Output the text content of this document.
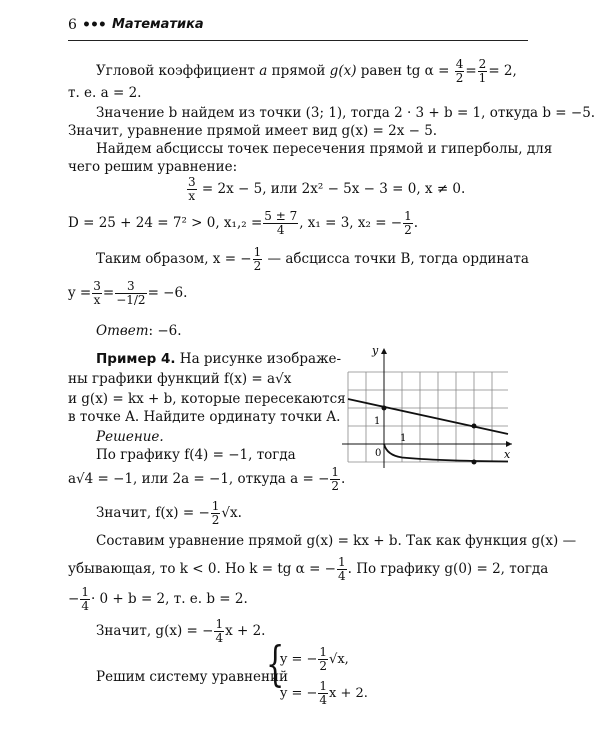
6 ••• Математика
Угловой коэффициент a прямой g(x) равен tg $\alpha = \frac{4}{2} = \frac{2}{1} = 2$,
т. е. a = 2.
Значение b найдем из точки (3; 1), тогда 2 · 3 + b = 1, откуда b = −5.
Значит, уравнение прямой имеет вид g(x) = 2x − 5.
Найдем абсциссы точек пересечения прямой и гиперболы, для
чего решим уравнение:
$\frac{3}{x} = 2x - 5$, или 2x² − 5x − 3 = 0, x ≠ 0.
D = 25 + 24 = 7² > 0, $x_1,_2 = \frac{5 \pm 7}{4}$ , x₁ = 3, x₂ = − $\frac{1}{2}$ .
Таким образом, x = − $\frac{1}{2}$ — абсцисса точки B, тогда ордината
$y = \frac{3}{x} = \frac{3}{-1/2} = -6$.
Ответ: −6.
Пример 4. На рисунке изображе-
ны графики функций f(x) = a√x
и g(x) = kx + b, которые пересекаются
в точке A. Найдите ординату точки A.
Решение.
По графику f(4) = −1, тогда
a√4 = −1, или 2a = −1, откуда a = − $\frac{1}{2}$ .
Значит, f(x) = − $\frac{1}{2} √x$.
y
x
0
1
1
Составим уравнение прямой g(x) = kx + b. Так как функция g(x) —
убывающая, то k < 0. Но k = tg α = − $\frac{1}{4}$ . По графику g(0) = 2, тогда
− $\frac{1}{4} \cdot 0 + b = 2$, т. е. b = 2.
Значит, g(x) = − $\frac{1}{4}$ x + 2.
Решим систему уравнений
{
y = − $\frac{1}{2} √x$,
y = − $\frac{1}{4}$ x + 2.
